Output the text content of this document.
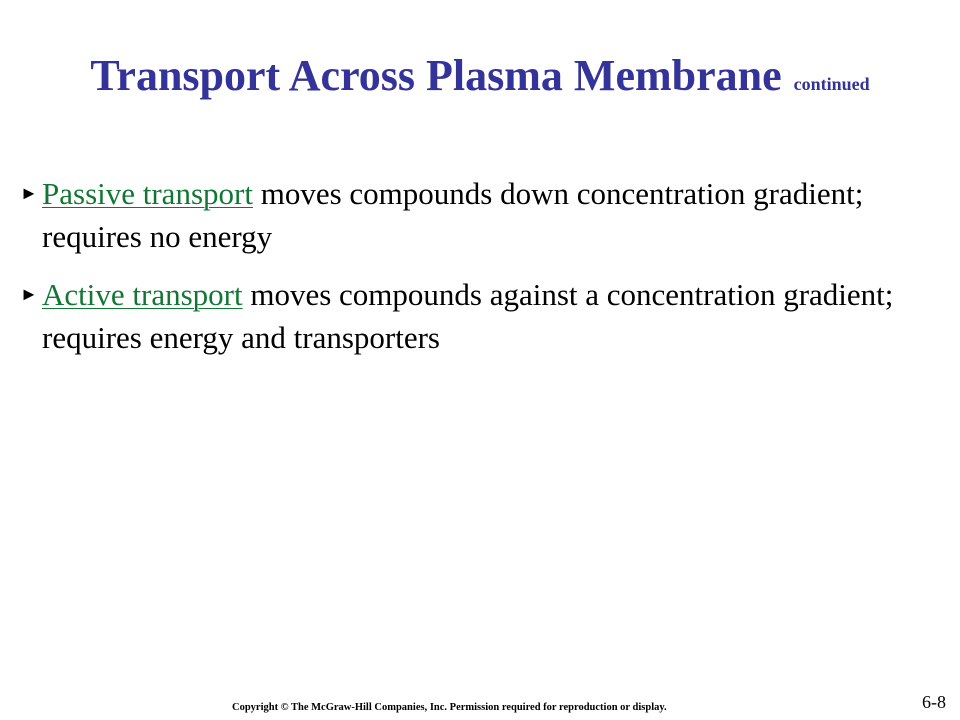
Transport Across Plasma Membrane continued
► Passive transport moves compounds down concentration gradient; requires no energy
► Active transport moves compounds against a concentration gradient; requires energy and transporters
Copyright © The McGraw-Hill Companies, Inc. Permission required for reproduction or display.	6-8
